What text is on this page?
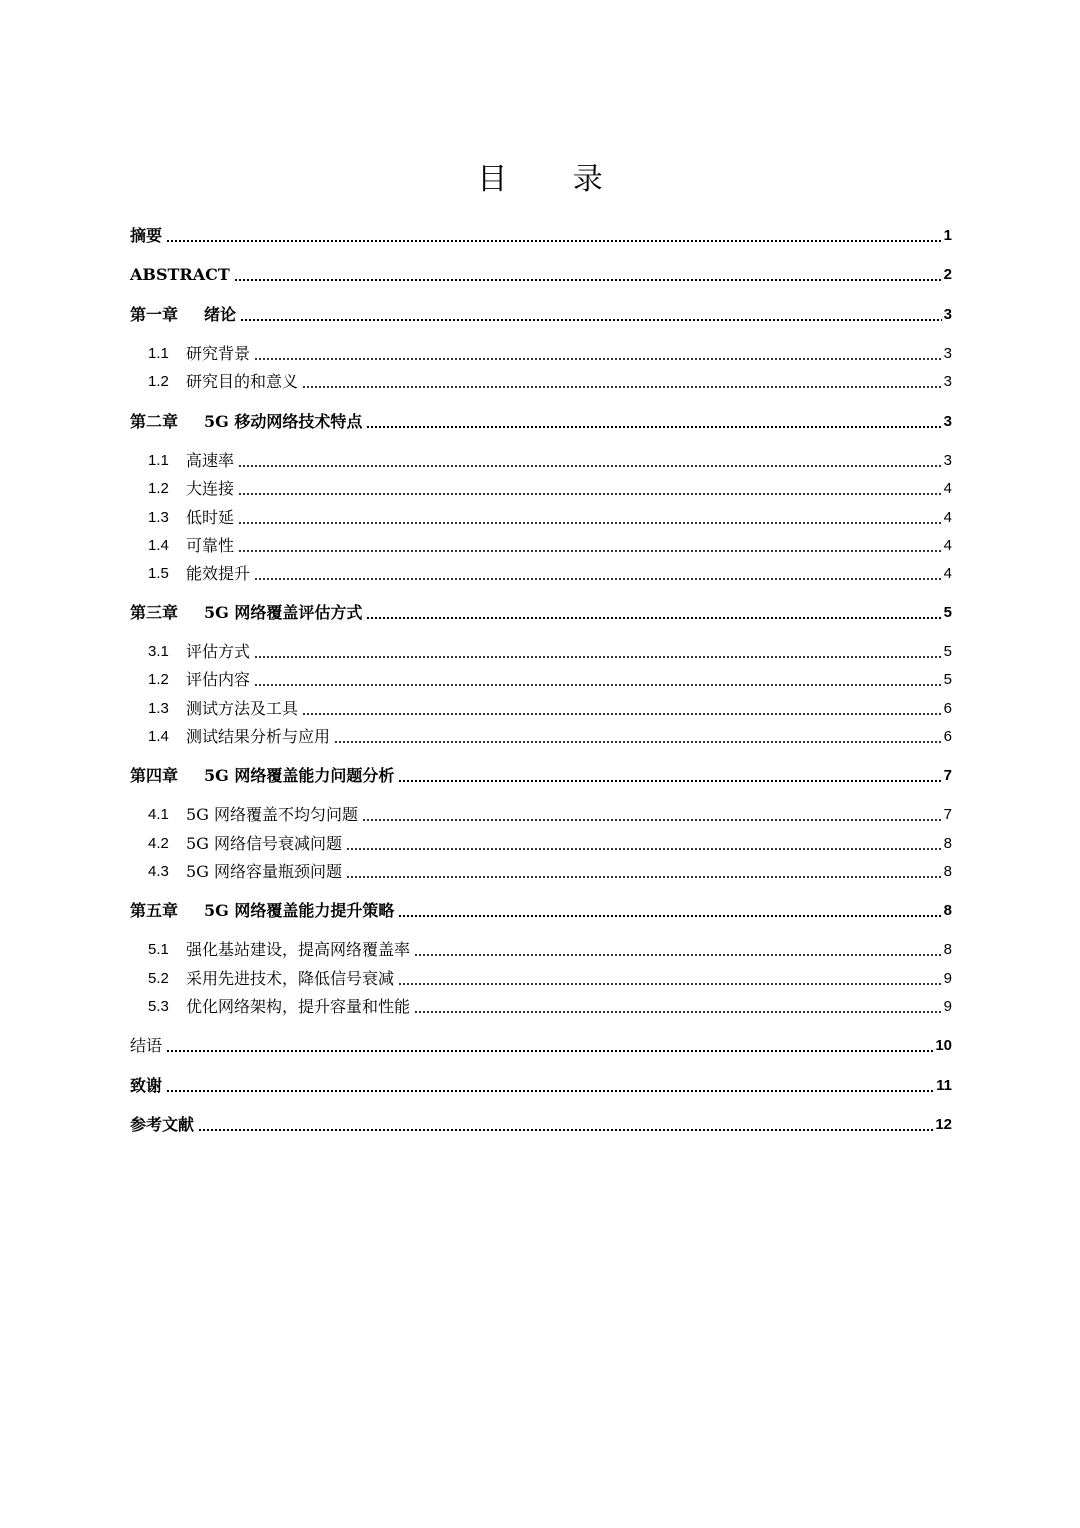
目 录
摘要	1
ABSTRACT	2
第一章 绪论	3
1.1	研究背景	3
1.2	研究目的和意义	3
第二章 5G 移动网络技术特点	3
1.1	高速率	3
1.2	大连接	4
1.3	低时延	4
1.4	可靠性	4
1.5	能效提升	4
第三章 5G 网络覆盖评估方式	5
3.1	评估方式	5
1.2	评估内容	5
1.3	测试方法及工具	6
1.4	测试结果分析与应用	6
第四章 5G 网络覆盖能力问题分析	7
4.1	5G 网络覆盖不均匀问题	7
4.2	5G 网络信号衰减问题	8
4.3	5G 网络容量瓶颈问题	8
第五章 5G 网络覆盖能力提升策略	8
5.1	强化基站建设，提高网络覆盖率	8
5.2	采用先进技术，降低信号衰减	9
5.3	优化网络架构，提升容量和性能	9
结语	10
致谢	11
参考文献	12
